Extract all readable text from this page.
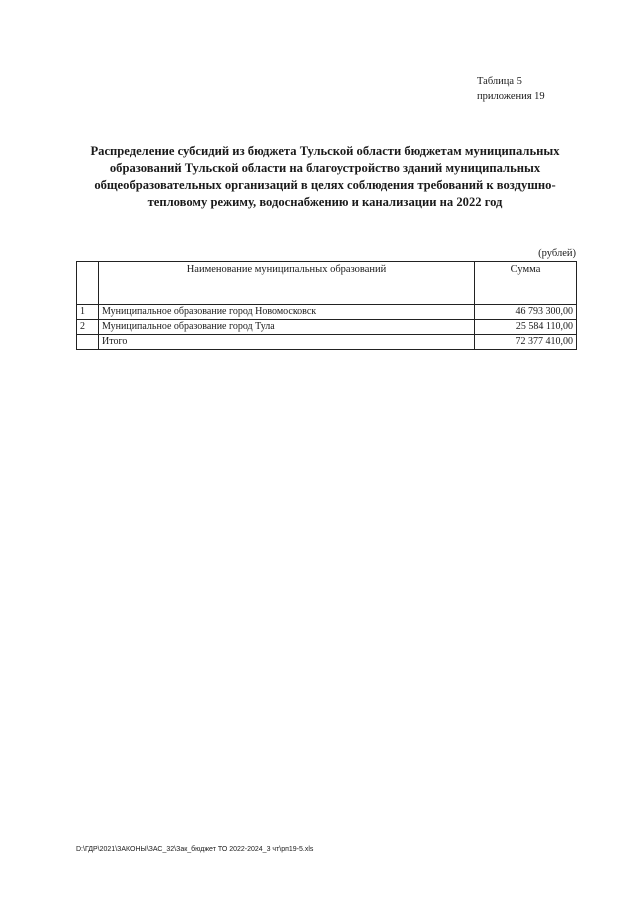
Таблица 5
приложения 19
Распределение субсидий из бюджета Тульской области бюджетам муниципальных
образований Тульской области на благоустройство зданий муниципальных
общеобразовательных организаций в целях соблюдения требований к воздушно-
тепловому режиму, водоснабжению и канализации на 2022 год
(рублей)
	Наименование муниципальных образований	Сумма
1	Муниципальное образование город Новомосковск	46 793 300,00
2	Муниципальное образование город Тула	25 584 110,00
	Итого	72 377 410,00
D:\ГДР\2021\ЗАКОНЫ\ЗАС_32\Зак_бюджет ТО 2022-2024_3 чт\рп19-5.xls
